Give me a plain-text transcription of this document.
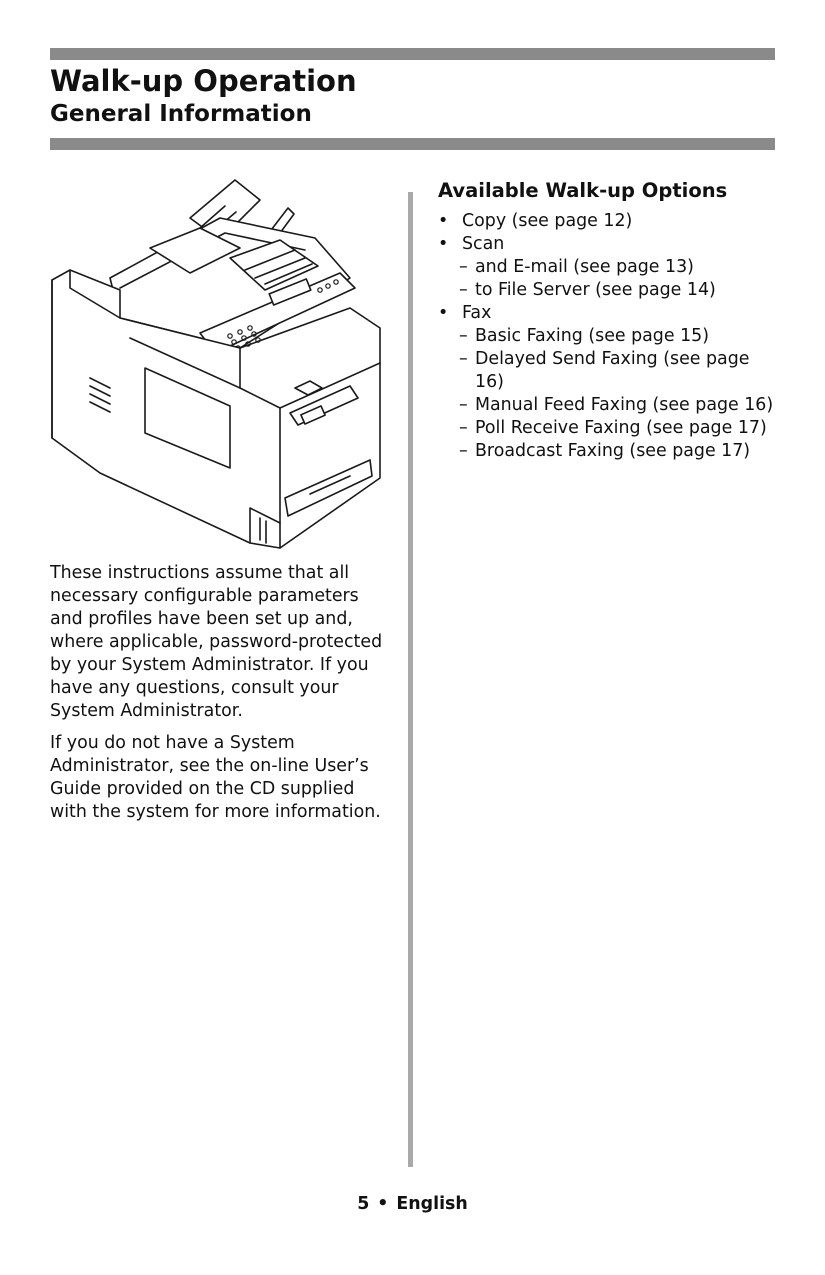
Walk-up Operation
General Information

These instructions assume that all necessary configurable parameters and profiles have been set up and, where applicable, password-protected by your System Administrator. If you have any questions, consult your System Administrator.

If you do not have a System Administrator, see the on-line User’s Guide provided on the CD supplied with the system for more information.

Available Walk-up Options
• Copy (see page 12)
• Scan
– and E-mail (see page 13)
– to File Server (see page 14)
• Fax
– Basic Faxing (see page 15)
– Delayed Send Faxing (see page 16)
– Manual Feed Faxing (see page 16)
– Poll Receive Faxing (see page 17)
– Broadcast Faxing (see page 17)
5 • English
